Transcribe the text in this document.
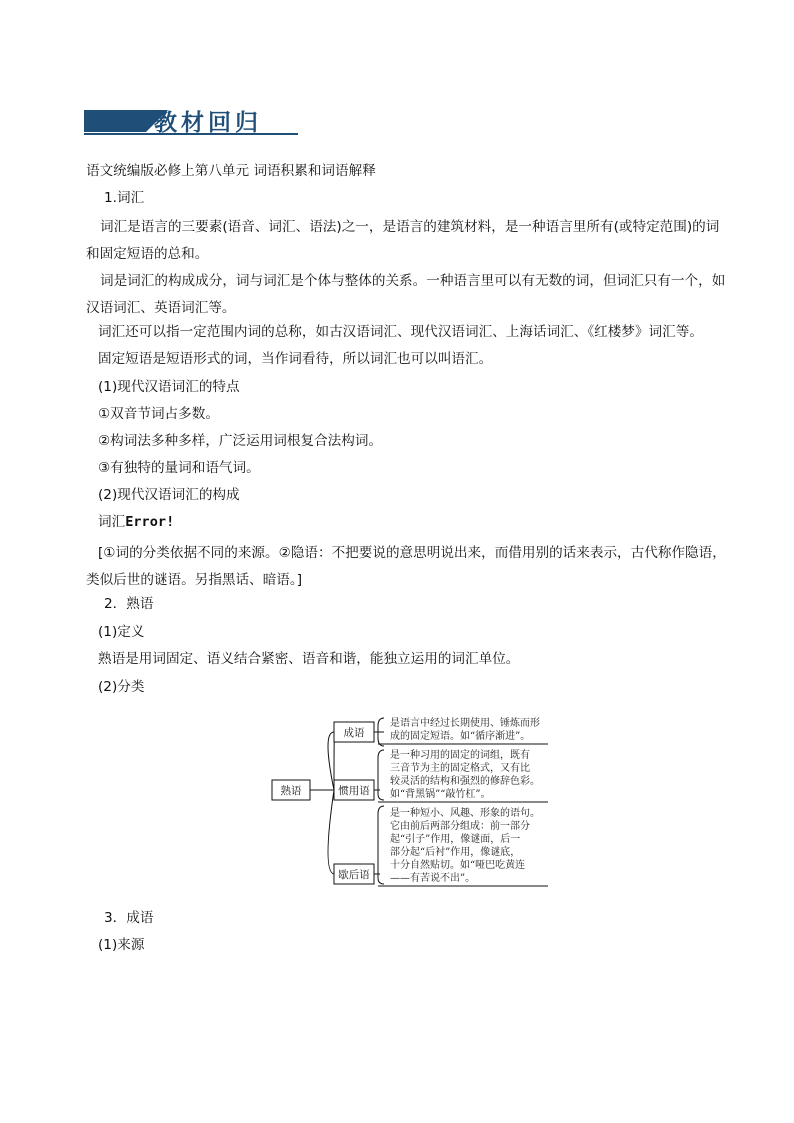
教材回归
语文统编版必修上第八单元 词语积累和词语解释
1.词汇
词汇是语言的三要素(语音、词汇、语法)之一，是语言的建筑材料，是一种语言里所有(或特定范围)的词和固定短语的总和。
词是词汇的构成成分，词与词汇是个体与整体的关系。一种语言里可以有无数的词，但词汇只有一个，如汉语词汇、英语词汇等。
词汇还可以指一定范围内词的总称，如古汉语词汇、现代汉语词汇、上海话词汇、《红楼梦》词汇等。
固定短语是短语形式的词，当作词看待，所以词汇也可以叫语汇。
(1)现代汉语词汇的特点
①双音节词占多数。
②构词法多种多样，广泛运用词根复合法构词。
③有独特的量词和语气词。
(2)现代汉语词汇的构成
词汇Error!
[①词的分类依据不同的来源。②隐语：不把要说的意思明说出来，而借用别的话来表示，古代称作隐语，类似后世的谜语。另指黑话、暗语。]
2．熟语
(1)定义
熟语是用词固定、语义结合紧密、语音和谐，能独立运用的词汇单位。
(2)分类
熟语
成语
是语言中经过长期使用、锤炼而形
成的固定短语。如“循序渐进”。
惯用语
是一种习用的固定的词组，既有
三音节为主的固定格式，又有比
较灵活的结构和强烈的修辞色彩。
如“背黑锅”“敲竹杠”。
歇后语
是一种短小、风趣、形象的语句。
它由前后两部分组成：前一部分
起“引子”作用，像谜面，后一
部分起“后衬”作用，像谜底，
十分自然贴切。如“哑巴吃黄连
——有苦说不出”。
3．成语
(1)来源
